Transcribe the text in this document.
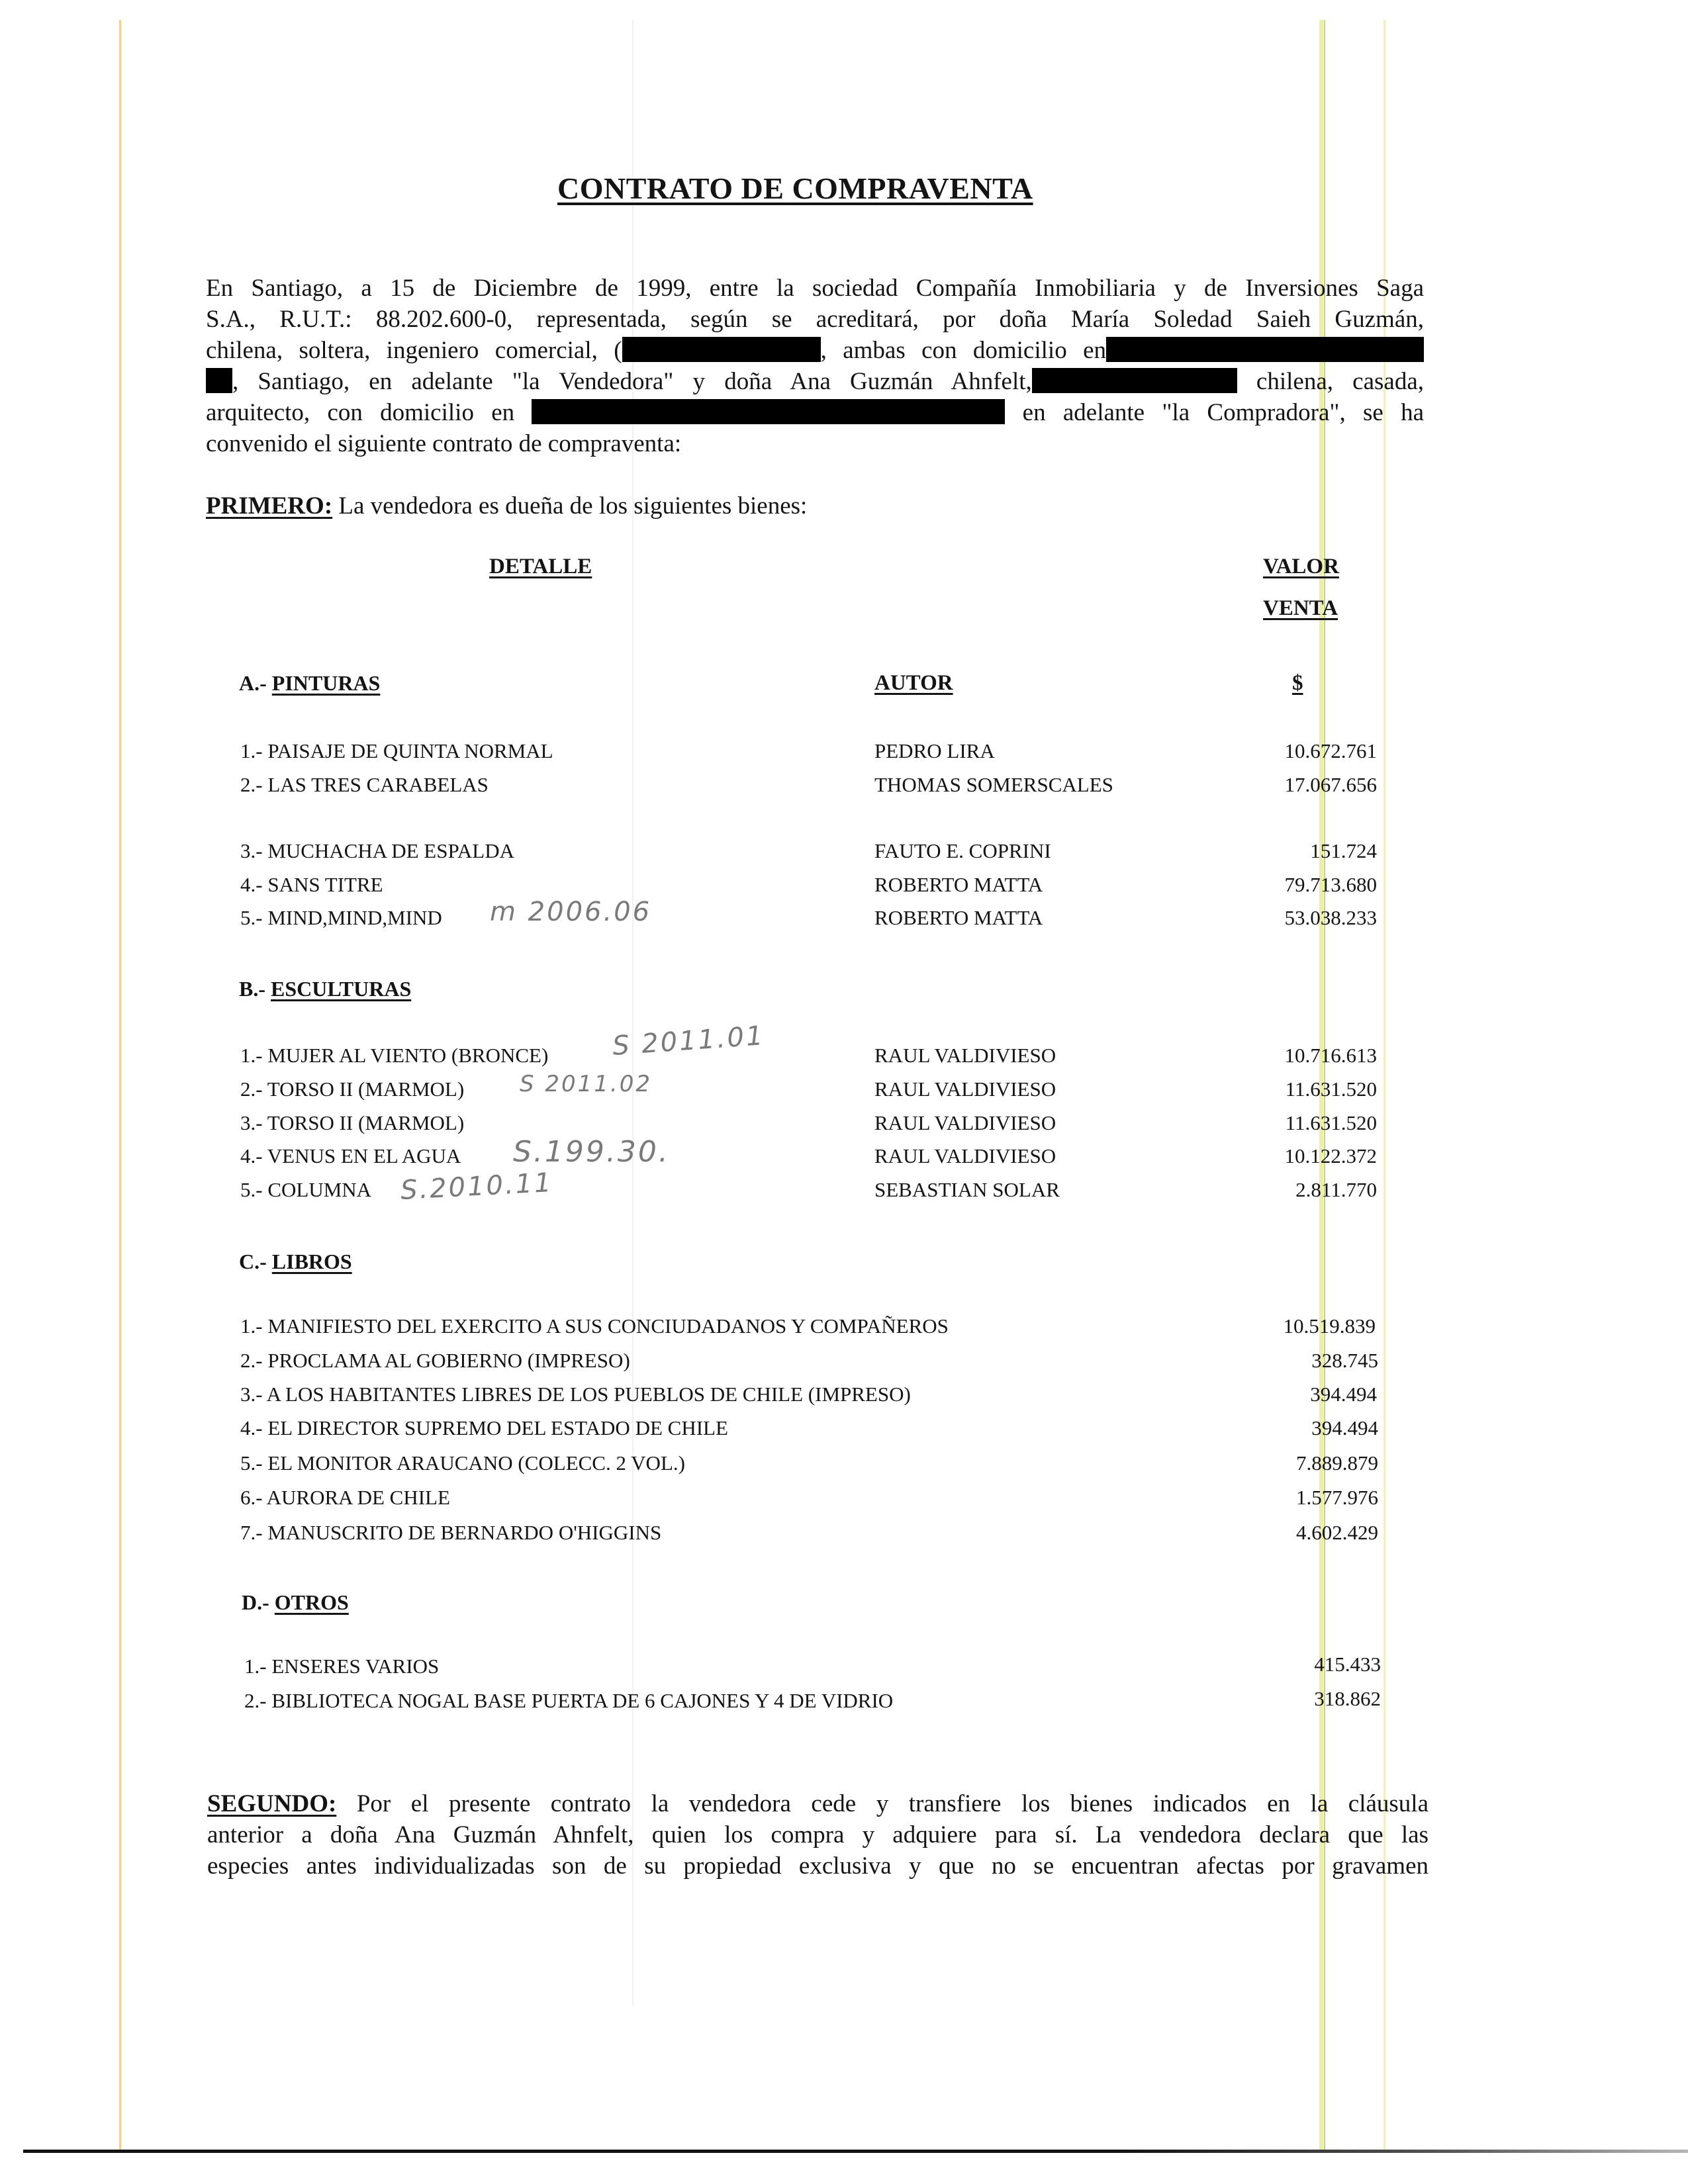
CONTRATO DE COMPRAVENTA
En Santiago, a 15 de Diciembre de 1999, entre la sociedad Compañía Inmobiliaria y de Inversiones Saga
S.A., R.U.T.: 88.202.600-0, representada, según se acreditará, por doña María Soledad Saieh Guzmán,
chilena, soltera, ingeniero comercial, (	, ambas con domicilio en
, Santiago, en adelante "la Vendedora" y doña Ana Guzmán Ahnfelt,	chilena, casada,
arquitecto, con domicilio en	en adelante "la Compradora", se ha
convenido el siguiente contrato de compraventa:
PRIMERO: La vendedora es dueña de los siguientes bienes:
DETALLE	VALOR
VENTA
AUTOR	$
A.- PINTURAS
1.- PAISAJE DE QUINTA NORMAL	PEDRO LIRA	10.672.761
2.- LAS TRES CARABELAS	THOMAS SOMERSCALES	17.067.656
3.- MUCHACHA DE ESPALDA	FAUTO E. COPRINI	151.724
4.- SANS TITRE	ROBERTO MATTA	79.713.680
5.- MIND,MIND,MIND m 2006.06	ROBERTO MATTA	53.038.233
B.- ESCULTURAS
1.- MUJER AL VIENTO (BRONCE) S 2011.01	RAUL VALDIVIESO	10.716.613
2.- TORSO II (MARMOL) S 2011.02	RAUL VALDIVIESO	11.631.520
3.- TORSO II (MARMOL)	RAUL VALDIVIESO	11.631.520
4.- VENUS EN EL AGUA S.199.30.	RAUL VALDIVIESO	10.122.372
5.- COLUMNA S.2010.11	SEBASTIAN SOLAR	2.811.770
C.- LIBROS
1.- MANIFIESTO DEL EXERCITO A SUS CONCIUDADANOS Y COMPAÑEROS	10.519.839
2.- PROCLAMA AL GOBIERNO (IMPRESO)	328.745
3.- A LOS HABITANTES LIBRES DE LOS PUEBLOS DE CHILE (IMPRESO)	394.494
4.- EL DIRECTOR SUPREMO DEL ESTADO DE CHILE	394.494
5.- EL MONITOR ARAUCANO (COLECC. 2 VOL.)	7.889.879
6.- AURORA DE CHILE	1.577.976
7.- MANUSCRITO DE BERNARDO O'HIGGINS	4.602.429
D.- OTROS
1.- ENSERES VARIOS	415.433
2.- BIBLIOTECA NOGAL BASE PUERTA DE 6 CAJONES Y 4 DE VIDRIO	318.862
SEGUNDO: Por el presente contrato la vendedora cede y transfiere los bienes indicados en la cláusula
anterior a doña Ana Guzmán Ahnfelt, quien los compra y adquiere para sí. La vendedora declara que las
especies antes individualizadas son de su propiedad exclusiva y que no se encuentran afectas por gravamen
